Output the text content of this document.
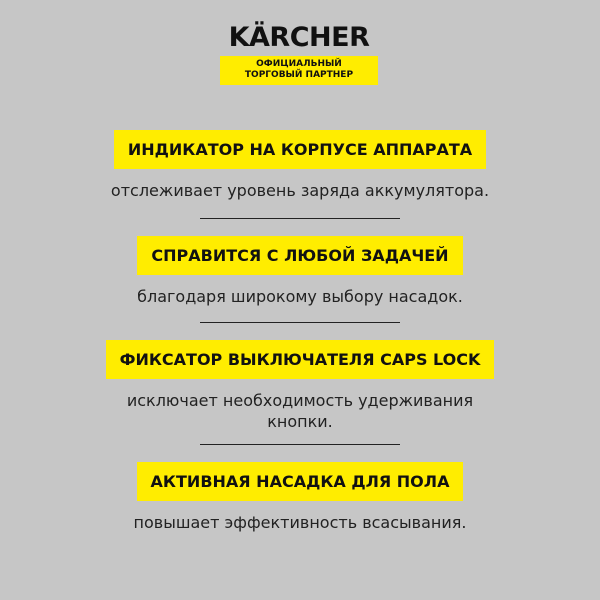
KÄRCHER
ОФИЦИАЛЬНЫЙ
ТОРГОВЫЙ ПАРТНЕР
ИНДИКАТОР НА КОРПУСЕ АППАРАТА
отслеживает уровень заряда аккумулятора.
СПРАВИТСЯ С ЛЮБОЙ ЗАДАЧЕЙ
благодаря широкому выбору насадок.
ФИКСАТОР ВЫКЛЮЧАТЕЛЯ CAPS LOCK
исключает необходимость удерживания
кнопки.
АКТИВНАЯ НАСАДКА ДЛЯ ПОЛА
повышает эффективность всасывания.
